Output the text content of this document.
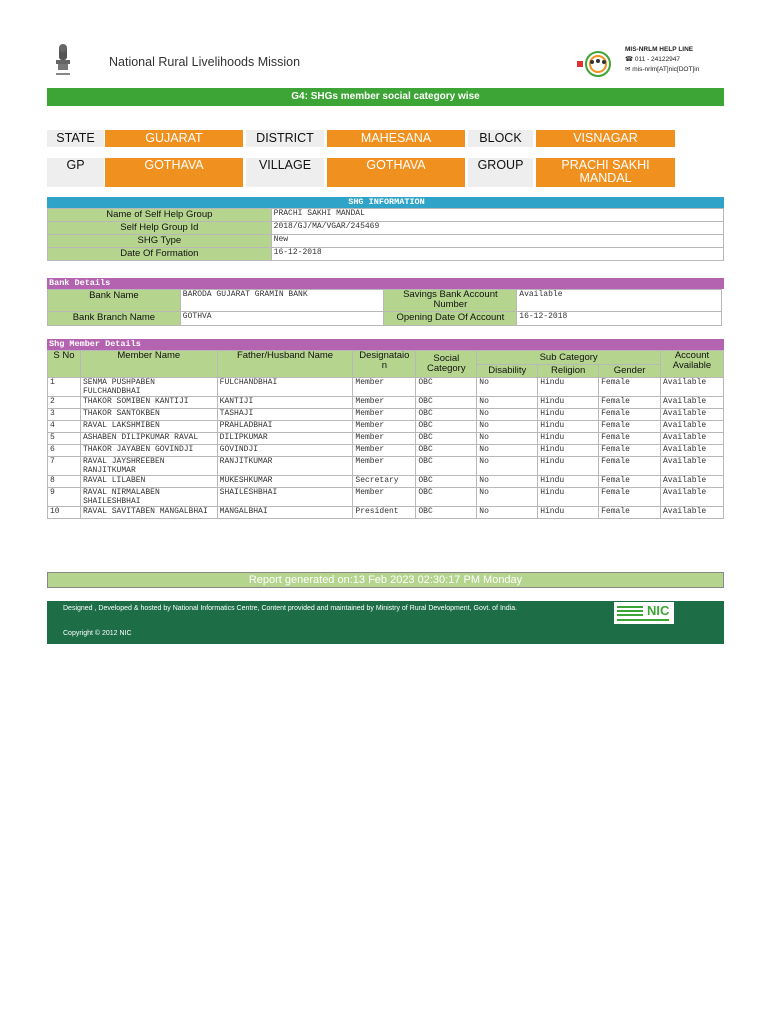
National Rural Livelihoods Mission
MIS-NRLM HELP LINE
☎ 011 - 24122947
✉ mis-nrlm[AT]nic[DOT]in
G4: SHGs member social category wise
STATE	GUJARAT	DISTRICT	MAHESANA	BLOCK	VISNAGAR
GP	GOTHAVA	VILLAGE	GOTHAVA	GROUP	PRACHI SAKHI MANDAL
SHG INFORMATION
Name of Self Help Group	PRACHI SAKHI MANDAL
Self Help Group Id	2018/GJ/MA/VGAR/245469
SHG Type	New
Date Of Formation	16-12-2018
Bank Details
Bank Name	BARODA GUJARAT GRAMIN BANK	Savings Bank Account Number	Available
Bank Branch Name	GOTHVA	Opening Date Of Account	16-12-2018
Shg Member Details
S No	Member Name	Father/Husband Name	Designataio n	Social Category	Sub Category			Account Available
					Disability	Religion	Gender	
1	SENMA PUSHPABEN FULCHANDBHAI	FULCHANDBHAI	Member	OBC	No	Hindu	Female	Available
2	THAKOR SOMIBEN KANTIJI	KANTIJI	Member	OBC	No	Hindu	Female	Available
3	THAKOR SANTOKBEN	TASHAJI	Member	OBC	No	Hindu	Female	Available
4	RAVAL LAKSHMIBEN	PRAHLADBHAI	Member	OBC	No	Hindu	Female	Available
5	ASHABEN DILIPKUMAR RAVAL	DILIPKUMAR	Member	OBC	No	Hindu	Female	Available
6	THAKOR JAYABEN GOVINDJI	GOVINDJI	Member	OBC	No	Hindu	Female	Available
7	RAVAL JAYSHREEBEN RANJITKUMAR	RANJITKUMAR	Member	OBC	No	Hindu	Female	Available
8	RAVAL LILABEN	MUKESHKUMAR	Secretary	OBC	No	Hindu	Female	Available
9	RAVAL NIRMALABEN SHAILESHBHAI	SHAILESHBHAI	Member	OBC	No	Hindu	Female	Available
10	RAVAL SAVITABEN MANGALBHAI	MANGALBHAI	President	OBC	No	Hindu	Female	Available
Report generated on:13 Feb 2023 02:30:17 PM Monday
Designed , Developed & hosted by National Informatics Centre, Content provided and maintained by Ministry of Rural Development, Govt. of India.
Copyright © 2012 NIC
NIC
